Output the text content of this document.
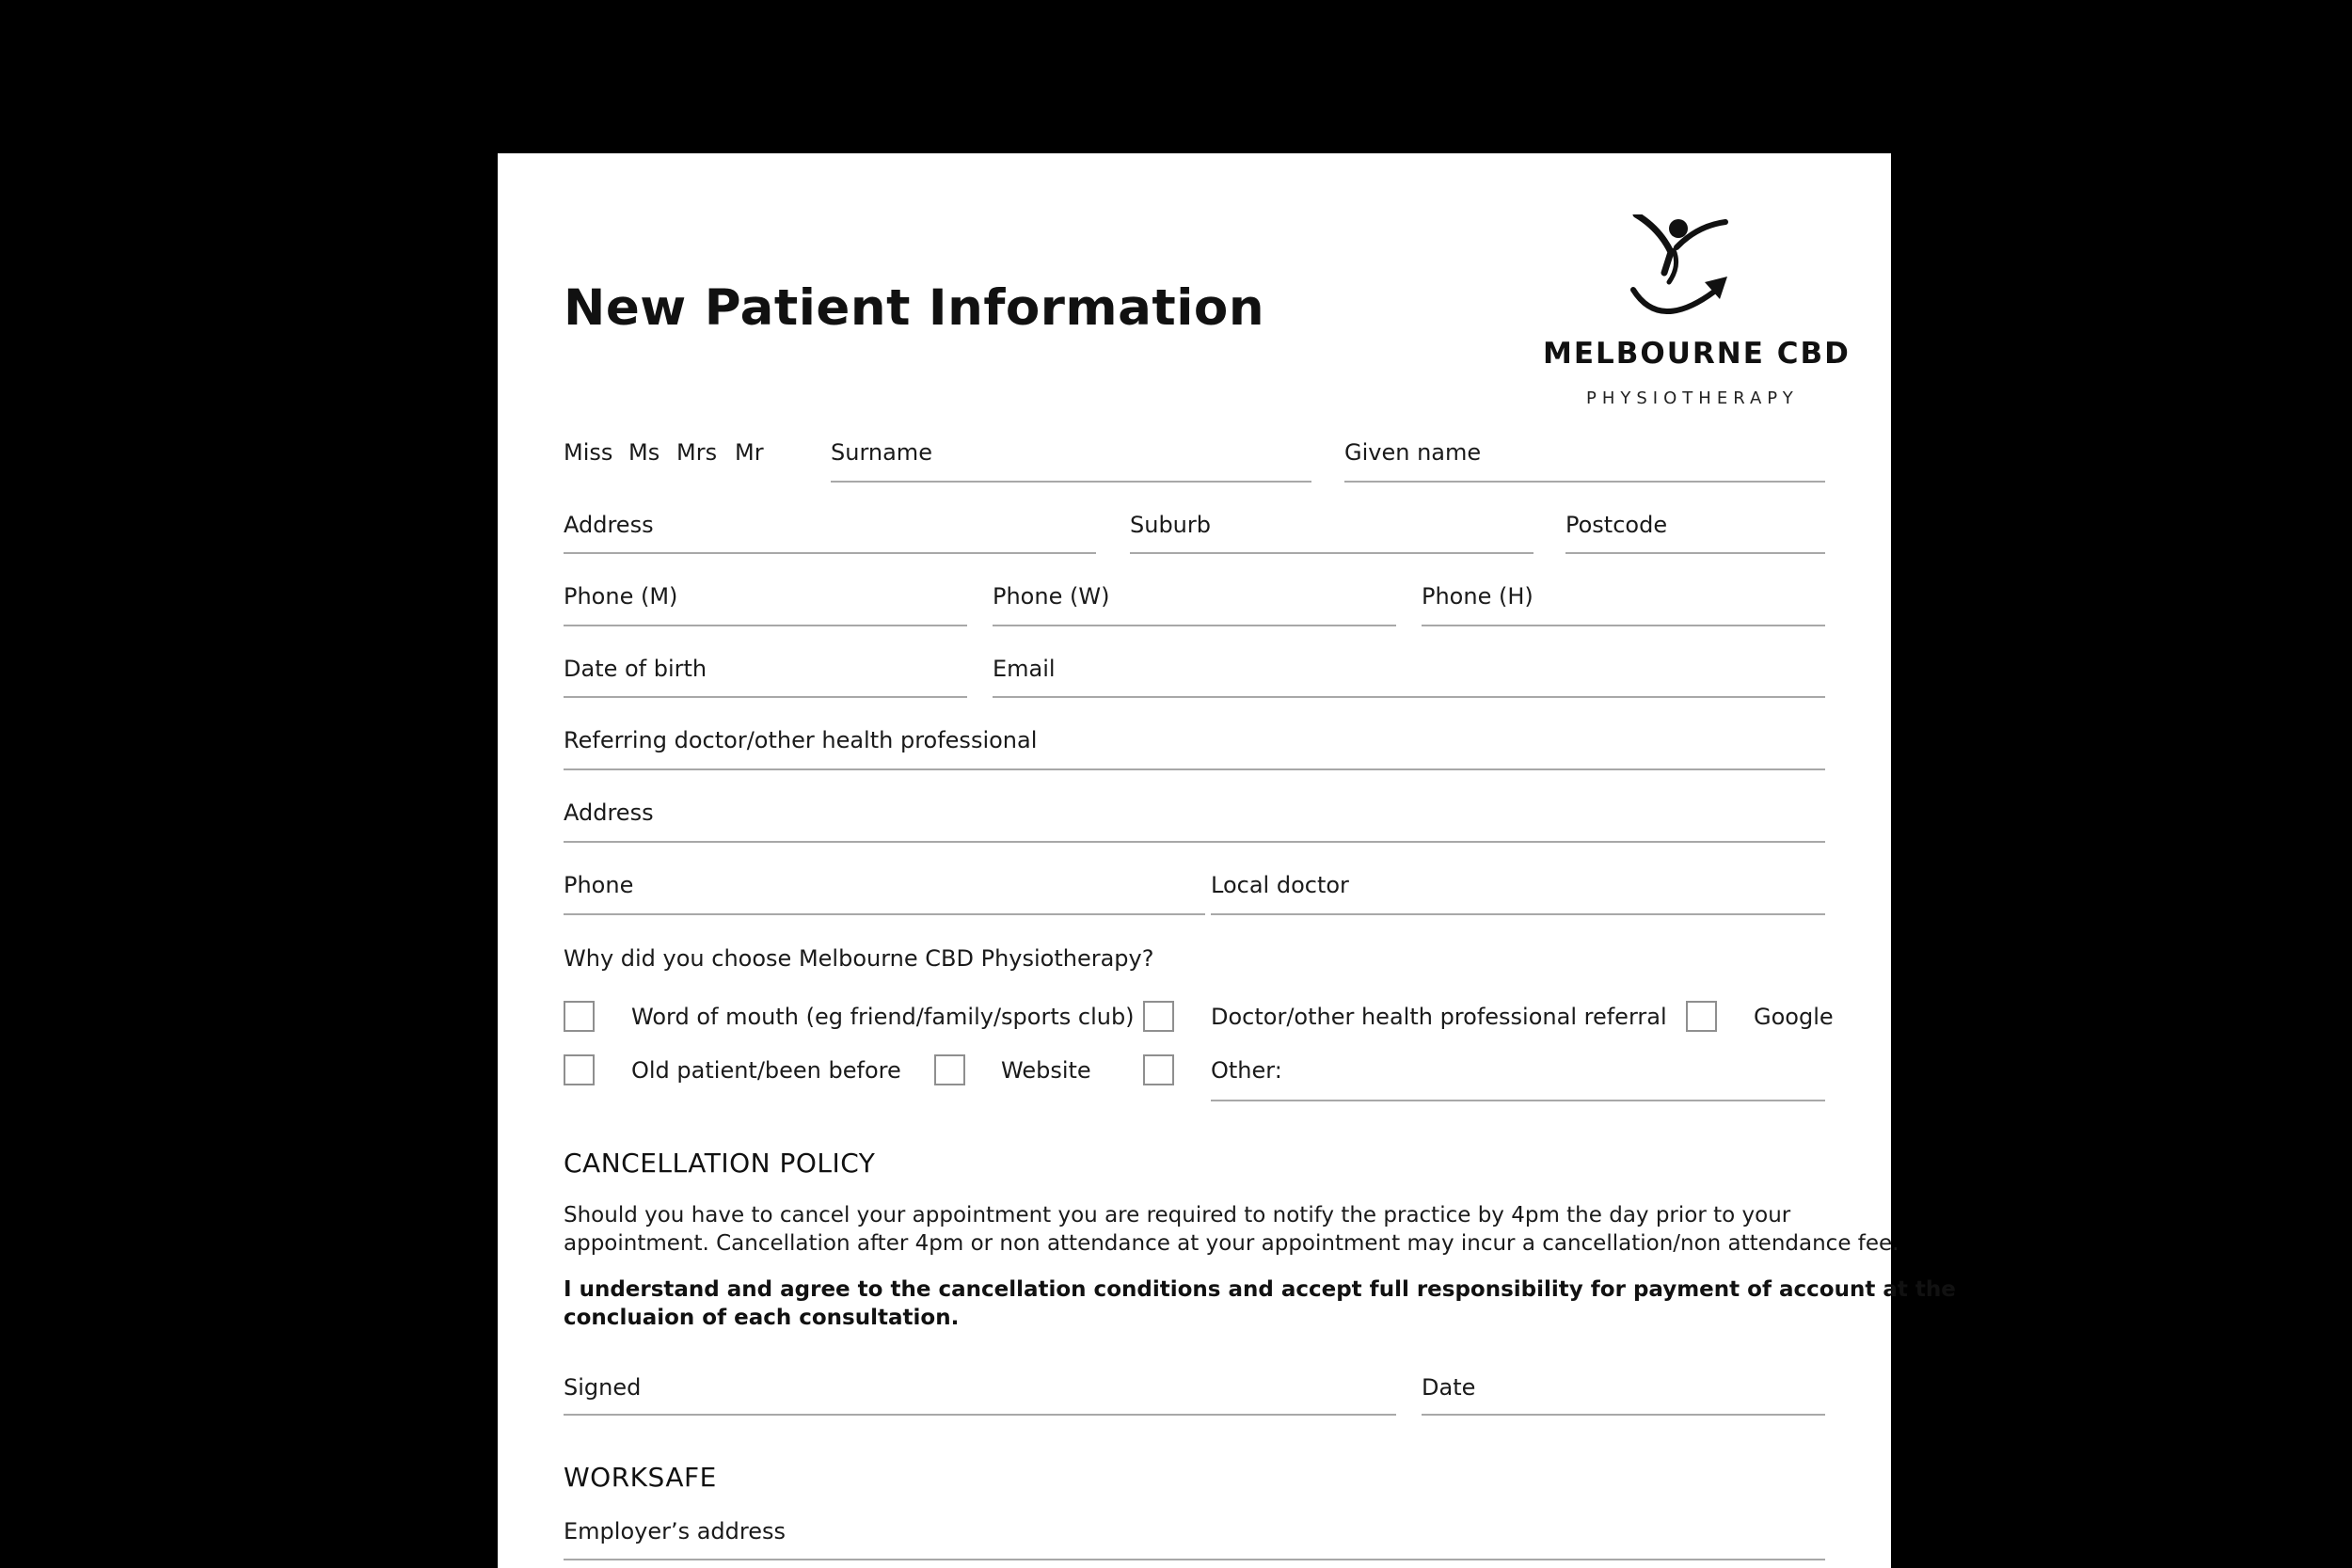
New Patient Information
MELBOURNE CBD
PHYSIOTHERAPY
Miss Ms Mrs Mr	Surname	Given name
Address	Suburb	Postcode
Phone (M)	Phone (W)	Phone (H)
Date of birth	Email
Referring doctor/other health professional
Address
Phone	Local doctor
Why did you choose Melbourne CBD Physiotherapy?
Word of mouth (eg friend/family/sports club)	Doctor/other health professional referral	Google
Old patient/been before	Website	Other:
CANCELLATION POLICY
Should you have to cancel your appointment you are required to notify the practice by 4pm the day prior to your
appointment. Cancellation after 4pm or non attendance at your appointment may incur a cancellation/non attendance fee.
I understand and agree to the cancellation conditions and accept full responsibility for payment of account at the
concluaion of each consultation.
Signed	Date
WORKSAFE
Employer’s address
